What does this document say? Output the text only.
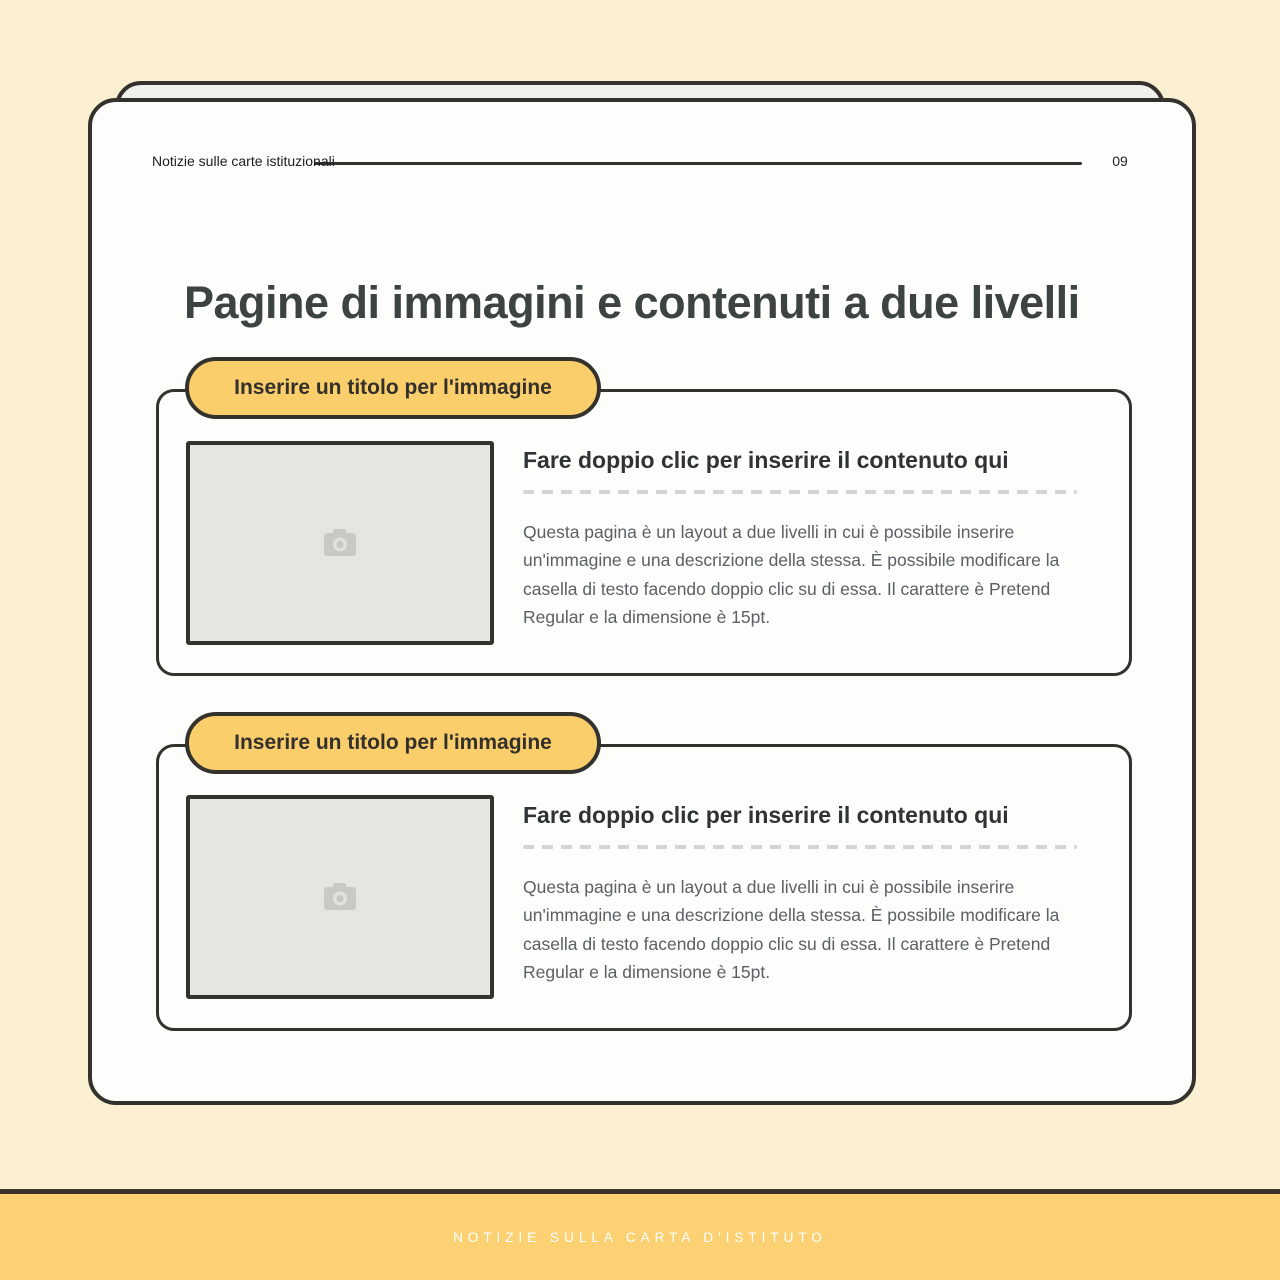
Notizie sulle carte istituzionali	09
Pagine di immagini e contenuti a due livelli
Inserire un titolo per l'immagine
Fare doppio clic per inserire il contenuto qui
Questa pagina è un layout a due livelli in cui è possibile inserire un'immagine e una descrizione della stessa. È possibile modificare la casella di testo facendo doppio clic su di essa. Il carattere è Pretend Regular e la dimensione è 15pt.
Inserire un titolo per l'immagine
Fare doppio clic per inserire il contenuto qui
Questa pagina è un layout a due livelli in cui è possibile inserire un'immagine e una descrizione della stessa. È possibile modificare la casella di testo facendo doppio clic su di essa. Il carattere è Pretend Regular e la dimensione è 15pt.
NOTIZIE SULLA CARTA D'ISTITUTO
